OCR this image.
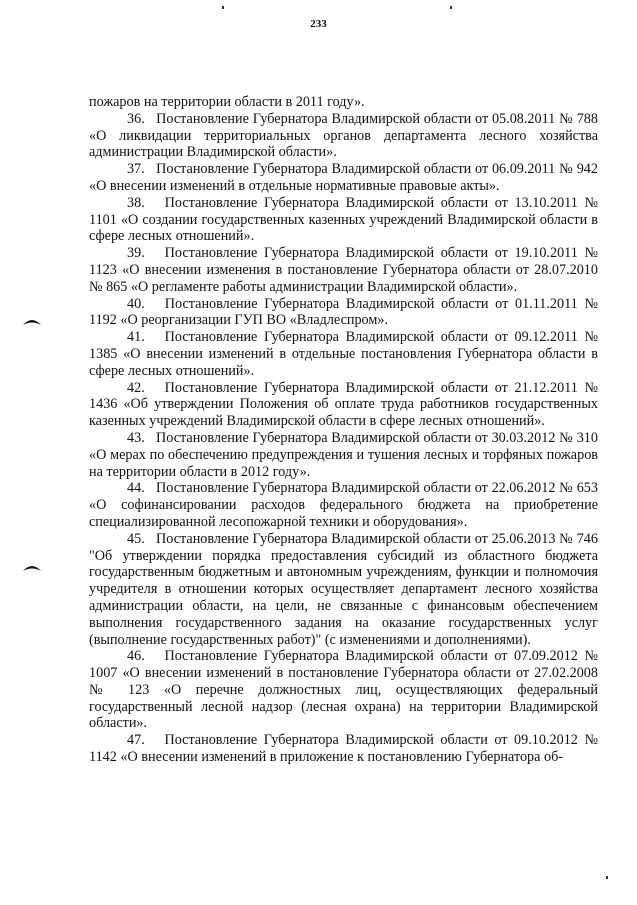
233

пожаров на территории области в 2011 году».

36.   Постановление Губернатора Владимирской области от 05.08.2011 № 788 «О ликвидации территориальных органов департамента лесного хозяйства администрации Владимирской области».

37.   Постановление Губернатора Владимирской области от 06.09.2011 № 942 «О внесении изменений в отдельные нормативные правовые акты».

38.   Постановление Губернатора Владимирской области от 13.10.2011 № 1101 «О создании государственных казенных учреждений Владимирской области в сфере лесных отношений».

39.   Постановление Губернатора Владимирской области от 19.10.2011 № 1123 «О внесении изменения в постановление Губернатора области от 28.07.2010 № 865 «О регламенте работы администрации Владимирской области».

40.   Постановление Губернатора Владимирской области от 01.11.2011 № 1192 «О реорганизации ГУП ВО «Владлеспром».

41.   Постановление Губернатора Владимирской области от 09.12.2011 № 1385 «О внесении изменений в отдельные постановления Губернатора области в сфере лесных отношений».

42.   Постановление Губернатора Владимирской области от 21.12.2011 № 1436 «Об утверждении Положения об оплате труда работников государственных казенных учреждений Владимирской области в сфере лесных отношений».

43.   Постановление Губернатора Владимирской области от 30.03.2012 № 310 «О мерах по обеспечению предупреждения и тушения лесных и торфяных пожаров на территории области в 2012 году».

44.   Постановление Губернатора Владимирской области от 22.06.2012 № 653 «О софинансировании расходов федерального бюджета на приобретение специализированной лесопожарной техники и оборудования».

45.   Постановление Губернатора Владимирской области от 25.06.2013 № 746 "Об утверждении порядка предоставления субсидий из областного бюджета государственным бюджетным и автономным учреждениям, функции и полномочия учредителя в отношении которых осуществляет департамент лесного хозяйства администрации области, на цели, не связанные с финансовым обеспечением выполнения государственного задания на оказание государственных услуг (выполнение государственных работ)" (с изменениями и дополнениями).

46.   Постановление Губернатора Владимирской области от 07.09.2012 № 1007 «О внесении изменений в постановление Губернатора области от 27.02.2008 № 123 «О перечне должностных лиц, осуществляющих федеральный государственный лесной надзор (лесная охрана) на территории Владимирской области».

47.   Постановление Губернатора Владимирской области от 09.10.2012 № 1142 «О внесении изменений в приложение к постановлению Губернатора об-
